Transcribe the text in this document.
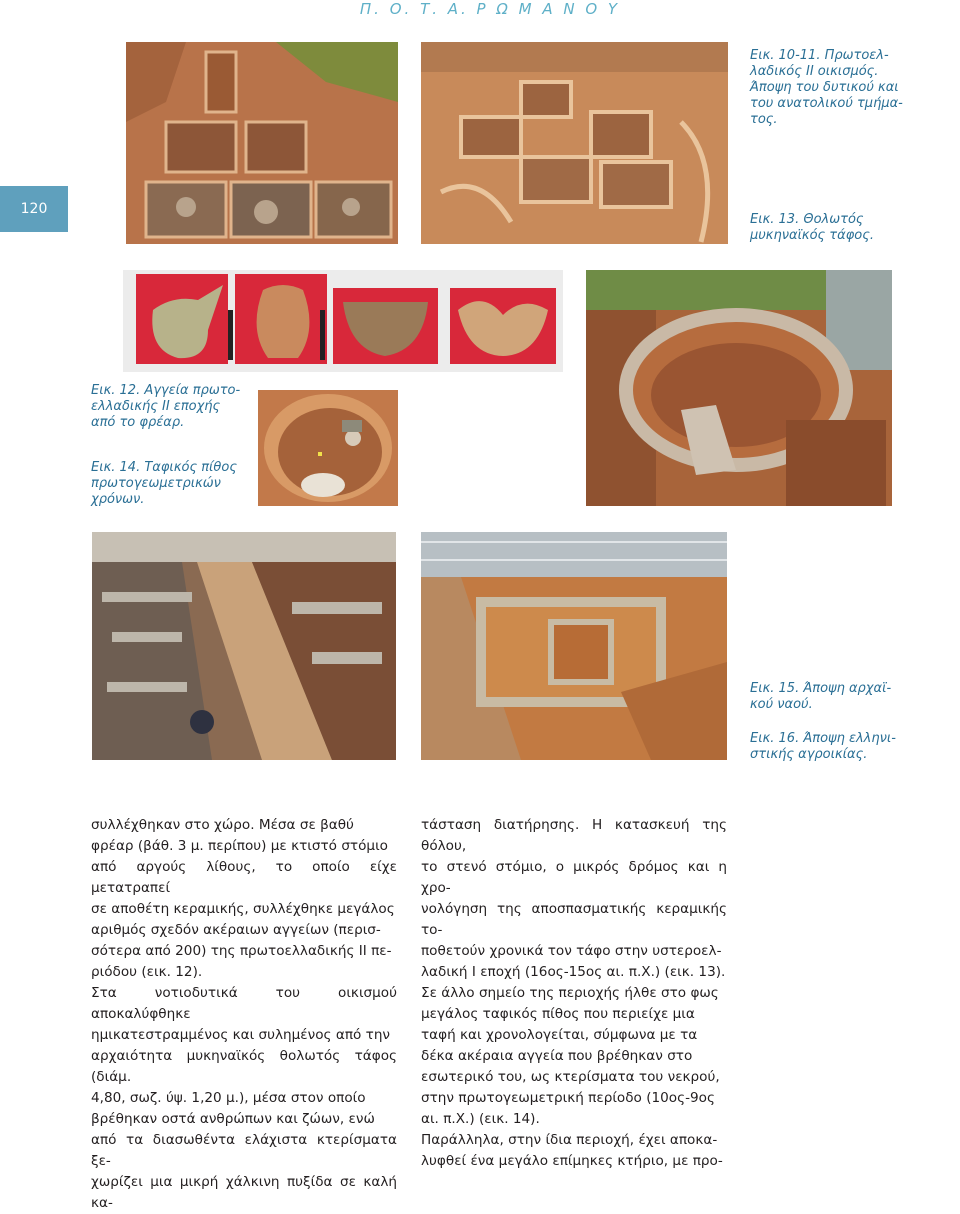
Π. Ο. Τ. Α. Ρ Ω Μ Α Ν Ο Υ
120
Εικ. 10-11. Πρωτοελ-
λαδικός ΙΙ οικισμός.
Άποψη του δυτικού και
του ανατολικού τμήμα-
τος.
Εικ. 13. Θολωτός
μυκηναϊκός τάφος.
Εικ. 12. Αγγεία πρωτο-
ελλαδικής ΙΙ εποχής
από το φρέαρ.
Εικ. 14. Ταφικός πίθος
πρωτογεωμετρικών
χρόνων.
Εικ. 15. Άποψη αρχαϊ-
κού ναού.
Εικ. 16. Άποψη ελληνι-
στικής αγροικίας.

συλλέχθηκαν στο χώρο. Μέσα σε βαθύ

φρέαρ (βάθ. 3 μ. περίπου) με κτιστό στόμιο

από αργούς λίθους, το οποίο είχε μετατραπεί

σε αποθέτη κεραμικής, συλλέχθηκε μεγάλος

αριθμός σχεδόν ακέραιων αγγείων (περισ-

σότερα από 200) της πρωτοελλαδικής ΙΙ πε-

ριόδου (εικ. 12).

Στα νοτιοδυτικά του οικισμού αποκαλύφθηκε

ημικατεστραμμένος και συλημένος από την

αρχαιότητα μυκηναϊκός θολωτός τάφος (διάμ.

4,80, σωζ. ύψ. 1,20 μ.), μέσα στον οποίο

βρέθηκαν οστά ανθρώπων και ζώων, ενώ

από τα διασωθέντα ελάχιστα κτερίσματα ξε-

χωρίζει μια μικρή χάλκινη πυξίδα σε καλή κα-

τάσταση διατήρησης. Η κατασκευή της θόλου,

το στενό στόμιο, ο μικρός δρόμος και η χρο-

νολόγηση της αποσπασματικής κεραμικής το-

ποθετούν χρονικά τον τάφο στην υστεροελ-

λαδική Ι εποχή (16ος-15ος αι. π.Χ.) (εικ. 13).

Σε άλλο σημείο της περιοχής ήλθε στο φως

μεγάλος ταφικός πίθος που περιείχε μια

ταφή και χρονολογείται, σύμφωνα με τα

δέκα ακέραια αγγεία που βρέθηκαν στο

εσωτερικό του, ως κτερίσματα του νεκρού,

στην πρωτογεωμετρική περίοδο (10ος-9ος

αι. π.Χ.) (εικ. 14).

Παράλληλα, στην ίδια περιοχή, έχει αποκα-

λυφθεί ένα μεγάλο επίμηκες κτήριο, με προ-
